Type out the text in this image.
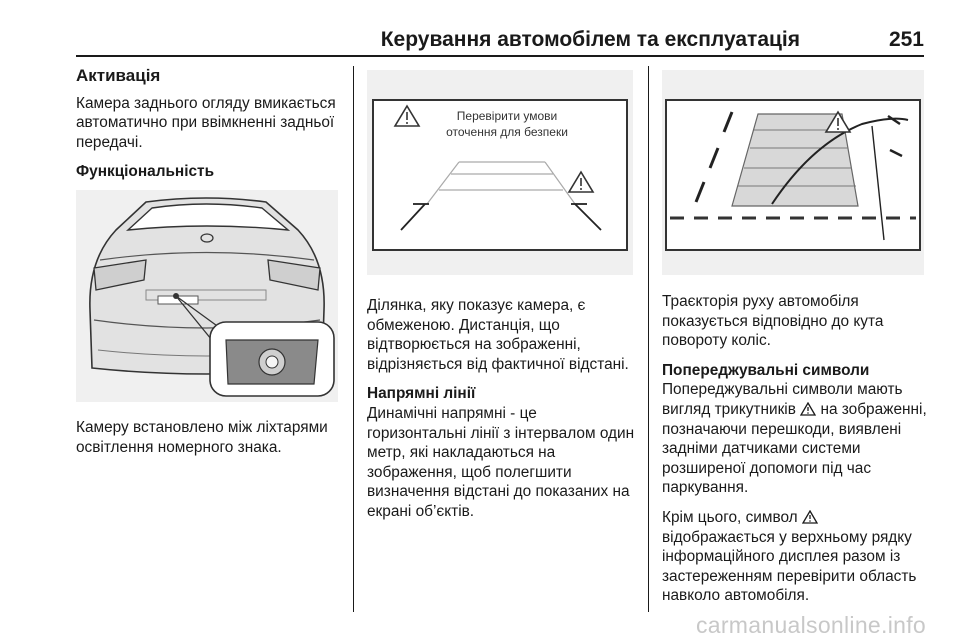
Керування автомобілем та експлуатація	251
Активація

Камера заднього огляду вмикається автоматично при ввімкненні задньої передачі.

Функціональність

Камеру встановлено між ліхтарями освітлення номерного знака.

Перевірити умови
оточення для безпеки

Ділянка, яку показує камера, є обмеженою. Дистанція, що відтворюється на зображенні, відрізняється від фактичної відстані.

Напрямні лінії

Динамічні напрямні - це горизонтальні лінії з інтервалом один метр, які накладаються на зображення, щоб полегшити визначення відстані до показаних на екрані об’єктів.

Траєкторія руху автомобіля показується відповідно до кута повороту коліс.

Попереджувальні символи

Попереджувальні символи мають вигляд трикутників на зображенні, позначаючи перешкоди, виявлені задніми датчиками системи розширеної допомоги під час паркування.

Крім цього, символ  відображається у верхньому рядку інформаційного дисплея разом із застереженням перевірити область навколо автомобіля.

carmanualsonline.info
